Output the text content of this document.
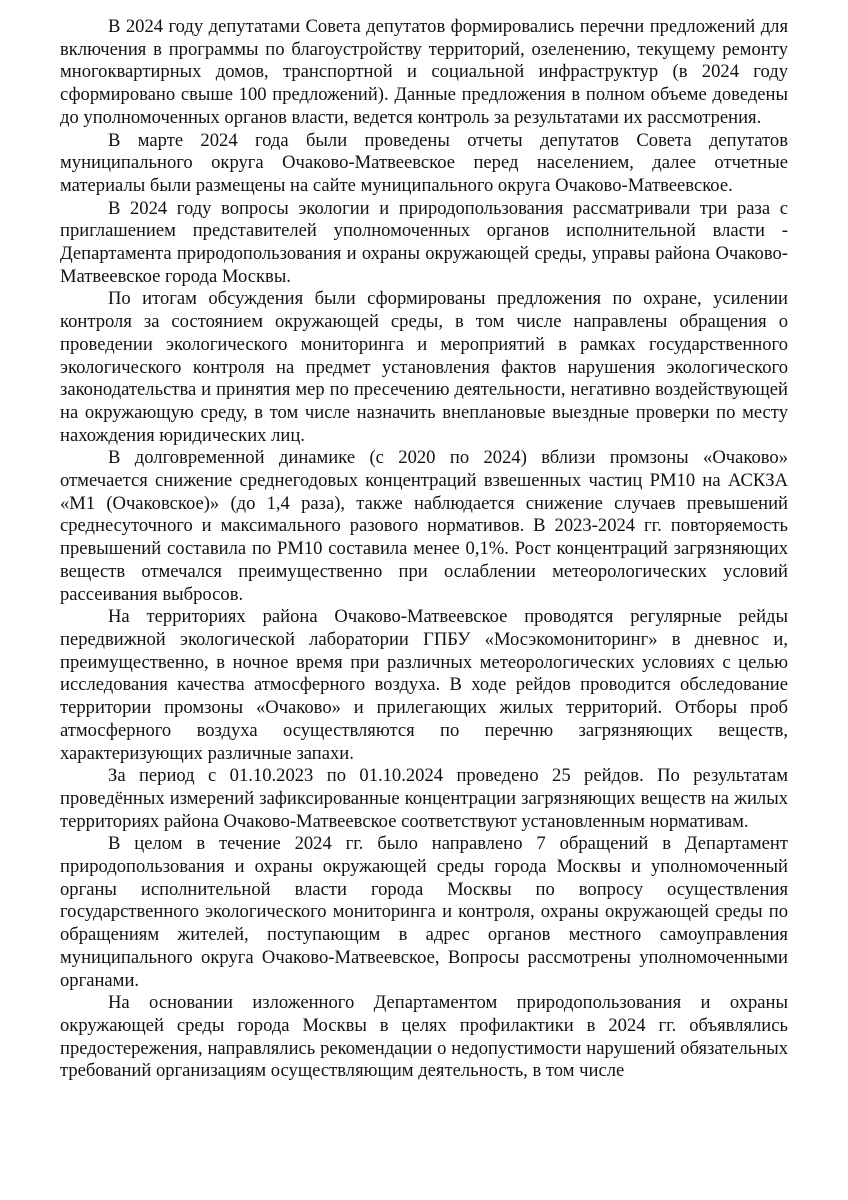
В 2024 году депутатами Совета депутатов формировались перечни предложений для включения в программы по благоустройству территорий, озеленению, текущему ремонту многоквартирных домов, транспортной и социальной инфраструктур (в 2024 году сформировано свыше 100 предложений). Данные предложения в полном объеме доведены до уполномоченных органов власти, ведется контроль за результатами их рассмотрения.

В марте 2024 года были проведены отчеты депутатов Совета депутатов муниципального округа Очаково-Матвеевское перед населением, далее отчетные материалы были размещены на сайте муниципального округа Очаково-Матвеевское.

В 2024 году вопросы экологии и природопользования рассматривали три раза с приглашением представителей уполномоченных органов исполнительной власти - Департамента природопользования и охраны окружающей среды, управы района Очаково-Матвеевское города Москвы.

По итогам обсуждения были сформированы предложения по охране, усилении контроля за состоянием окружающей среды, в том числе направлены обращения о проведении экологического мониторинга и мероприятий в рамках государственного экологического контроля на предмет установления фактов нарушения экологического законодательства и принятия мер по пресечению деятельности, негативно воздействующей на окружающую среду, в том числе назначить внеплановые выездные проверки по месту нахождения юридических лиц.

В долговременной динамике (с 2020 по 2024) вблизи промзоны «Очаково» отмечается снижение среднегодовых концентраций взвешенных частиц РМ10 на АСКЗА «М1 (Очаковское)» (до 1,4 раза), также наблюдается снижение случаев превышений среднесуточного и максимального разового нормативов. В 2023-2024 гг. повторяемость превышений составила по РМ10 составила менее 0,1%. Рост концентраций загрязняющих веществ отмечался преимущественно при ослаблении метеорологических условий рассеивания выбросов.

На территориях района Очаково-Матвеевское проводятся регулярные рейды передвижной экологической лаборатории ГПБУ «Мосэкомониторинг» в дневнос и, преимущественно, в ночное время при различных метеорологических условиях с целью исследования качества атмосферного воздуха. В ходе рейдов проводится обследование территории промзоны «Очаково» и прилегающих жилых территорий. Отборы проб атмосферного воздуха осуществляются по перечню загрязняющих веществ, характеризующих различные запахи.

За период с 01.10.2023 по 01.10.2024 проведено 25 рейдов. По результатам проведённых измерений зафиксированные концентрации загрязняющих веществ на жилых территориях района Очаково-Матвеевское соответствуют установленным нормативам.

В целом в течение 2024 гг. было направлено 7 обращений в Департамент природопользования и охраны окружающей среды города Москвы и уполномоченный органы исполнительной власти города Москвы по вопросу осуществления государственного экологического мониторинга и контроля, охраны окружающей среды по обращениям жителей, поступающим в адрес органов местного самоуправления муниципального округа Очаково-Матвеевское, Вопросы рассмотрены уполномоченными органами.

На основании изложенного Департаментом природопользования и охраны окружающей среды города Москвы в целях профилактики в 2024 гг. объявлялись предостережения, направлялись рекомендации о недопустимости нарушений обязательных требований организациям осуществляющим деятельность, в том числе
